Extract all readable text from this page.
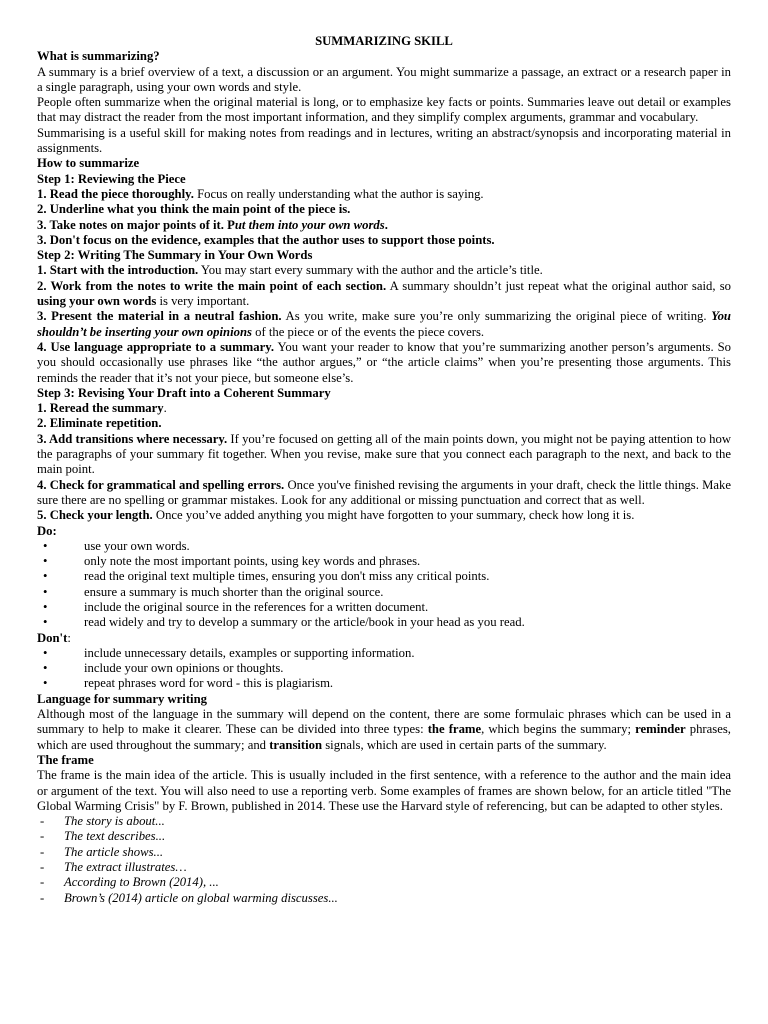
SUMMARIZING SKILL

What is summarizing?

A summary is a brief overview of a text, a discussion or an argument. You might summarize a passage, an extract or a research paper in a single paragraph, using your own words and style.

People often summarize when the original material is long, or to emphasize key facts or points. Summaries leave out detail or examples that may distract the reader from the most important information, and they simplify complex arguments, grammar and vocabulary.

Summarising is a useful skill for making notes from readings and in lectures, writing an abstract/synopsis and incorporating material in assignments.

How to summarize

Step 1: Reviewing the Piece

1. Read the piece thoroughly. Focus on really understanding what the author is saying.

2. Underline what you think the main point of the piece is.

3. Take notes on major points of it. Put them into your own words.

3. Don't focus on the evidence, examples that the author uses to support those points.

Step 2: Writing The Summary in Your Own Words

1. Start with the introduction. You may start every summary with the author and the article’s title.

2. Work from the notes to write the main point of each section. A summary shouldn’t just repeat what the original author said, so using your own words is very important.

3. Present the material in a neutral fashion. As you write, make sure you’re only summarizing the original piece of writing. You shouldn’t be inserting your own opinions of the piece or of the events the piece covers.

4. Use language appropriate to a summary. You want your reader to know that you’re summarizing another person’s arguments. So you should occasionally use phrases like “the author argues,” or “the article claims” when you’re presenting those arguments. This reminds the reader that it’s not your piece, but someone else’s.

Step 3: Revising Your Draft into a Coherent Summary

1. Reread the summary.

2. Eliminate repetition.

3. Add transitions where necessary. If you’re focused on getting all of the main points down, you might not be paying attention to how the paragraphs of your summary fit together. When you revise, make sure that you connect each paragraph to the next, and back to the main point.

4. Check for grammatical and spelling errors. Once you've finished revising the arguments in your draft, check the little things. Make sure there are no spelling or grammar mistakes. Look for any additional or missing punctuation and correct that as well.

5. Check your length. Once you’ve added anything you might have forgotten to your summary, check how long it is.

Do:

•	use your own words.
•	only note the most important points, using key words and phrases.
•	read the original text multiple times, ensuring you don't miss any critical points.
•	ensure a summary is much shorter than the original source.
•	include the original source in the references for a written document.
•	read widely and try to develop a summary or the article/book in your head as you read.

Don't:

•	include unnecessary details, examples or supporting information.
•	include your own opinions or thoughts.
•	repeat phrases word for word - this is plagiarism.

Language for summary writing

Although most of the language in the summary will depend on the content, there are some formulaic phrases which can be used in a summary to help to make it clearer. These can be divided into three types: the frame, which begins the summary; reminder phrases, which are used throughout the summary; and transition signals, which are used in certain parts of the summary.

The frame

The frame is the main idea of the article. This is usually included in the first sentence, with a reference to the author and the main idea or argument of the text. You will also need to use a reporting verb. Some examples of frames are shown below, for an article titled "The Global Warming Crisis" by F. Brown, published in 2014. These use the Harvard style of referencing, but can be adapted to other styles.

- The story is about...
- The text describes...
- The article shows...
- The extract illustrates…
- According to Brown (2014), ...
- Brown’s (2014) article on global warming discusses...
